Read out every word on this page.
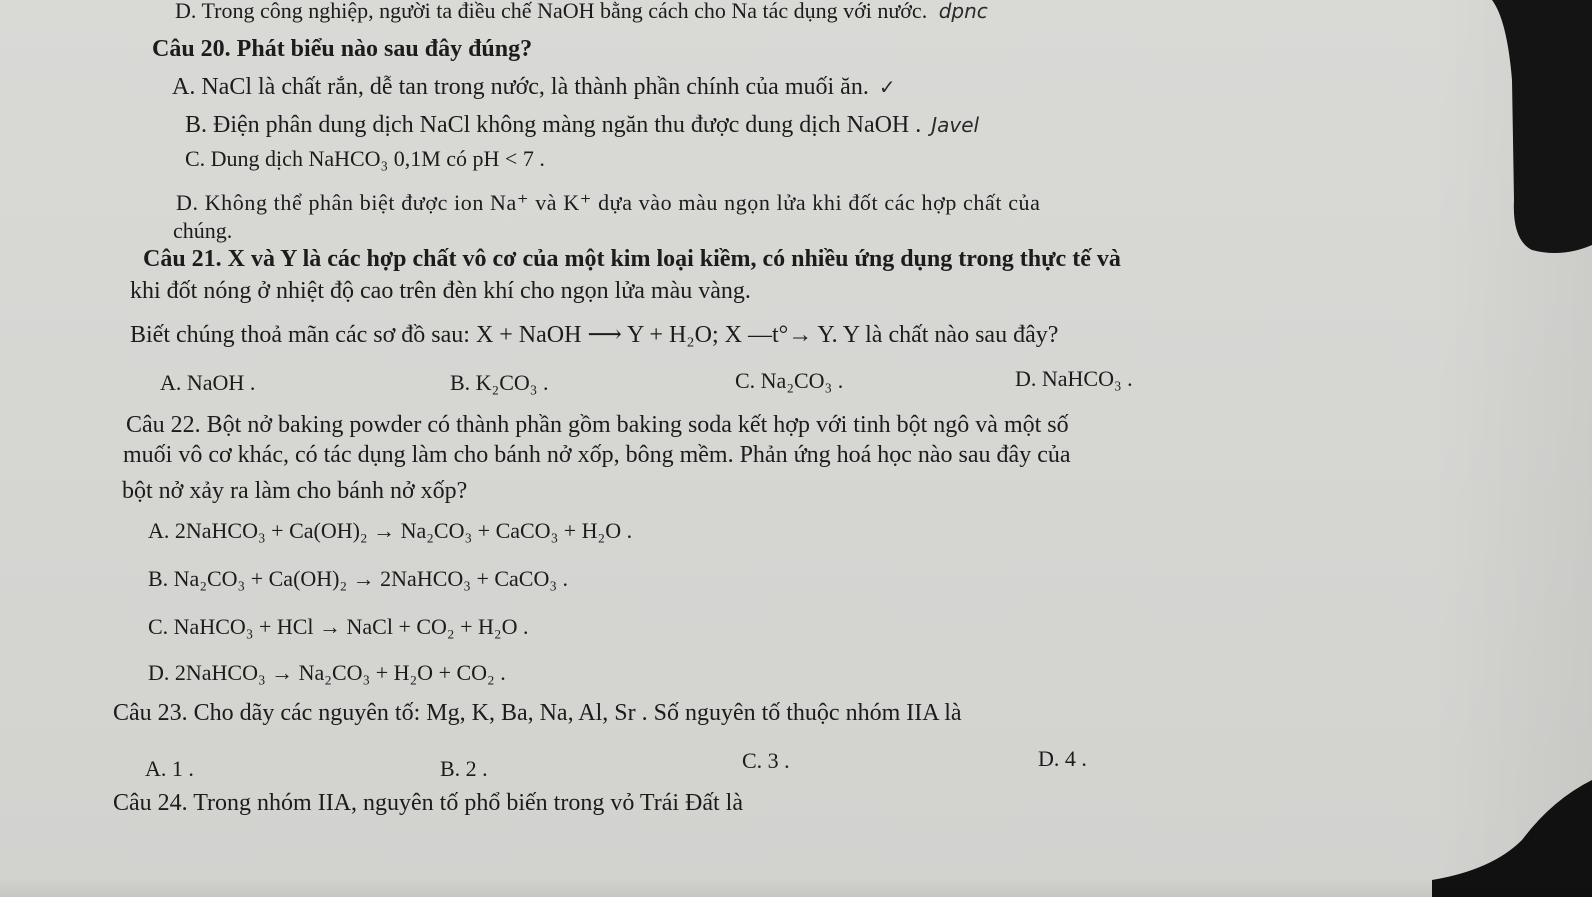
D. Trong công nghiệp, người ta điều chế NaOH bằng cách cho Na tác dụng với nước. dpnc
Câu 20. Phát biểu nào sau đây đúng?
A. NaCl là chất rắn, dễ tan trong nước, là thành phần chính của muối ăn. ✓
B. Điện phân dung dịch NaCl không màng ngăn thu được dung dịch NaOH . Javel
C. Dung dịch NaHCO₃ 0,1M có pH < 7 .
D. Không thể phân biệt được ion Na⁺ và K⁺ dựa vào màu ngọn lửa khi đốt các hợp chất của
chúng.
Câu 21. X và Y là các hợp chất vô cơ của một kim loại kiềm, có nhiều ứng dụng trong thực tế và
khi đốt nóng ở nhiệt độ cao trên đèn khí cho ngọn lửa màu vàng.
Biết chúng thoả mãn các sơ đồ sau: X + NaOH ⟶ Y + H₂O; X —t°→ Y. Y là chất nào sau đây?
A. NaOH .	B. K₂CO₃ .	C. Na₂CO₃ .	D. NaHCO₃ .
Câu 22. Bột nở baking powder có thành phần gồm baking soda kết hợp với tinh bột ngô và một số
muối vô cơ khác, có tác dụng làm cho bánh nở xốp, bông mềm. Phản ứng hoá học nào sau đây của
bột nở xảy ra làm cho bánh nở xốp?
A. 2NaHCO₃ + Ca(OH)₂ → Na₂CO₃ + CaCO₃ + H₂O .
B. Na₂CO₃ + Ca(OH)₂ → 2NaHCO₃ + CaCO₃ .
C. NaHCO₃ + HCl → NaCl + CO₂ + H₂O .
D. 2NaHCO₃ → Na₂CO₃ + H₂O + CO₂ .
Câu 23. Cho dãy các nguyên tố: Mg, K, Ba, Na, Al, Sr . Số nguyên tố thuộc nhóm IIA là
A. 1 .	B. 2 .	C. 3 .	D. 4 .
Câu 24. Trong nhóm IIA, nguyên tố phổ biến trong vỏ Trái Đất là
